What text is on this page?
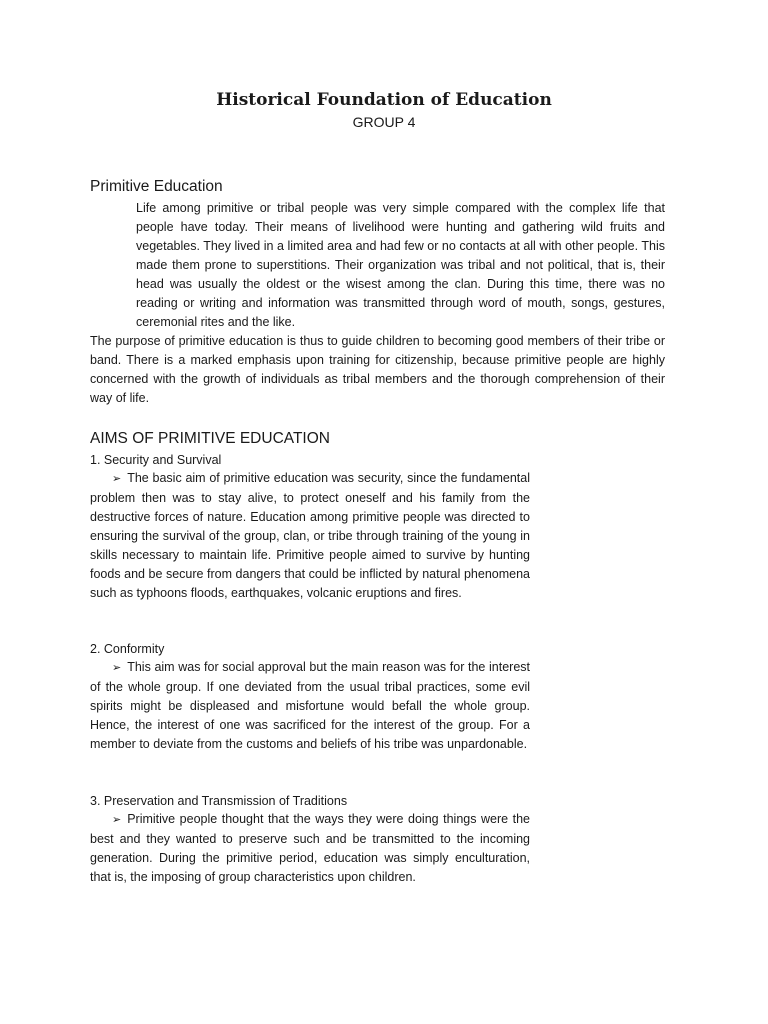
Historical Foundation of Education
GROUP 4
Primitive Education

Life among primitive or tribal people was very simple compared with the complex life that people have today. Their means of livelihood were hunting and gathering wild fruits and vegetables. They lived in a limited area and had few or no contacts at all with other people. This made them prone to superstitions. Their organization was tribal and not political, that is, their head was usually the oldest or the wisest among the clan. During this time, there was no reading or writing and information was transmitted through word of mouth, songs, gestures, ceremonial rites and the like.

The purpose of primitive education is thus to guide children to becoming good members of their tribe or band. There is a marked emphasis upon training for citizenship, because primitive people are highly concerned with the growth of individuals as tribal members and the thorough comprehension of their way of life.

AIMS OF PRIMITIVE EDUCATION
1. Security and Survival

➢ The basic aim of primitive education was security, since the fundamental problem then was to stay alive, to protect oneself and his family from the destructive forces of nature. Education among primitive people was directed to ensuring the survival of the group, clan, or tribe through training of the young in skills necessary to maintain life. Primitive people aimed to survive by hunting foods and be secure from dangers that could be inflicted by natural phenomena such as typhoons floods, earthquakes, volcanic eruptions and fires.

2. Conformity

➢ This aim was for social approval but the main reason was for the interest of the whole group. If one deviated from the usual tribal practices, some evil spirits might be displeased and misfortune would befall the whole group. Hence, the interest of one was sacrificed for the interest of the group. For a member to deviate from the customs and beliefs of his tribe was unpardonable.

3. Preservation and Transmission of Traditions

➢ Primitive people thought that the ways they were doing things were the best and they wanted to preserve such and be transmitted to the incoming generation. During the primitive period, education was simply enculturation, that is, the imposing of group characteristics upon children.
